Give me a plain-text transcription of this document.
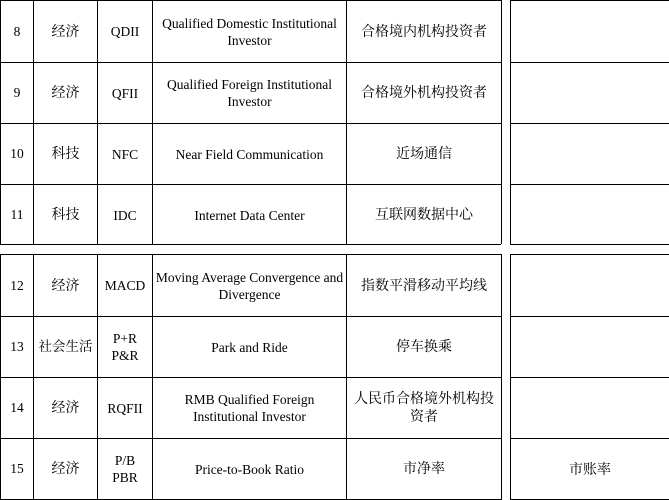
8	经济	QDII	Qualified Domestic Institutional Investor	合格境内机构投资者
9	经济	QFII	Qualified Foreign Institutional Investor	合格境外机构投资者
10	科技	NFC	Near Field Communication	近场通信
11	科技	IDC	Internet Data Center	互联网数据中心

12	经济	MACD	Moving Average Convergence and Divergence	指数平滑移动平均线
13	社会生活	P+R P&R	Park and Ride	停车换乘
14	经济	RQFII	RMB Qualified Foreign Institutional Investor	人民币合格境外机构投资者
15	经济	P/B PBR	Price-to-Book Ratio	市净率	市账率
